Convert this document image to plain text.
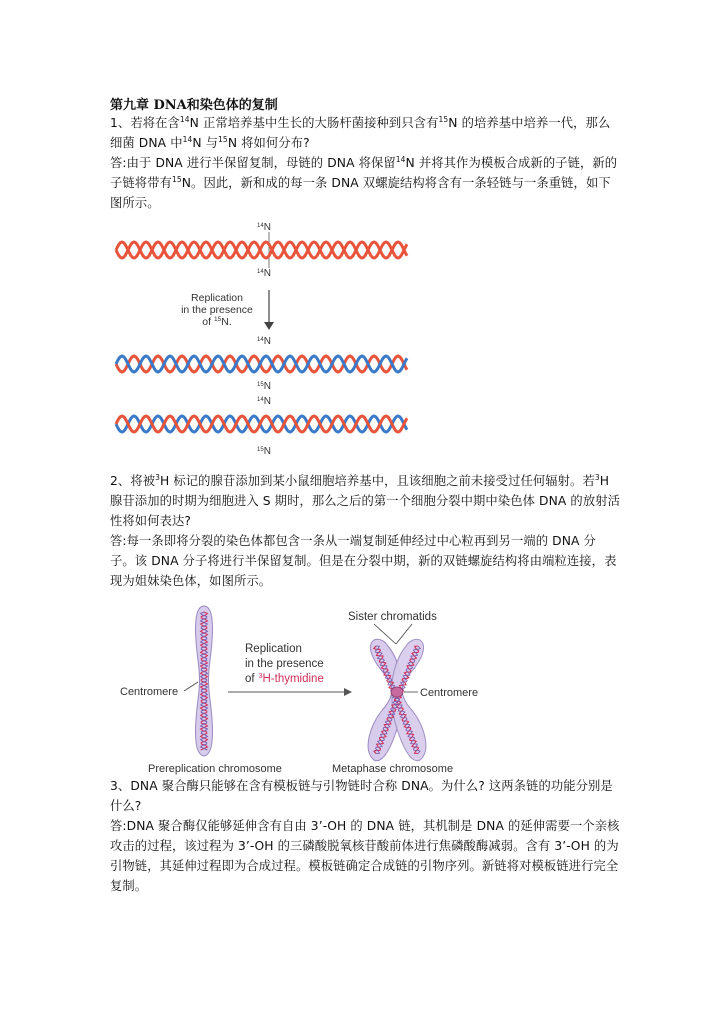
第九章 DNA和染色体的复制

1、若将在含$^{14}$N 正常培养基中生长的大肠杆菌接种到只含有$^{15}$N 的培养基中培养一代，那么细菌 DNA 中$^{14}$N 与$^{15}$N 将如何分布?

答:由于 DNA 进行半保留复制，母链的 DNA 将保留$^{14}$N 并将其作为模板合成新的子链，新的子链将带有$^{15}$N。因此，新和成的每一条 DNA 双螺旋结构将含有一条轻链与一条重链，如下图所示。

$^{14}$N
$^{14}$N
Replication
in the presence
of $^{15}$N.
$^{14}$N
$^{15}$N
$^{14}$N
$^{15}$N

2、将被$^3$H 标记的腺苷添加到某小鼠细胞培养基中，且该细胞之前未接受过任何辐射。若$^3$H 腺苷添加的时期为细胞进入 S 期时，那么之后的第一个细胞分裂中期中染色体 DNA 的放射活性将如何表达?

答:每一条即将分裂的染色体都包含一条从一端复制延伸经过中心粒再到另一端的 DNA 分子。该 DNA 分子将进行半保留复制。但是在分裂中期，新的双链螺旋结构将由端粒连接，表现为姐妹染色体，如图所示。

Centromere
Replication
in the presence
of $^3$H-thymidine
Sister chromatids
Centromere
Prereplication chromosome	Metaphase chromosome

3、DNA 聚合酶只能够在含有模板链与引物链时合称 DNA。为什么? 这两条链的功能分别是什么?

答:DNA 聚合酶仅能够延伸含有自由 3’-OH 的 DNA 链，其机制是 DNA 的延伸需要一个亲核攻击的过程，该过程为 3’-OH 的三磷酸脱氧核苷酸前体进行焦磷酸酶减弱。含有 3’-OH 的为引物链，其延伸过程即为合成过程。模板链确定合成链的引物序列。新链将对模板链进行完全复制。
